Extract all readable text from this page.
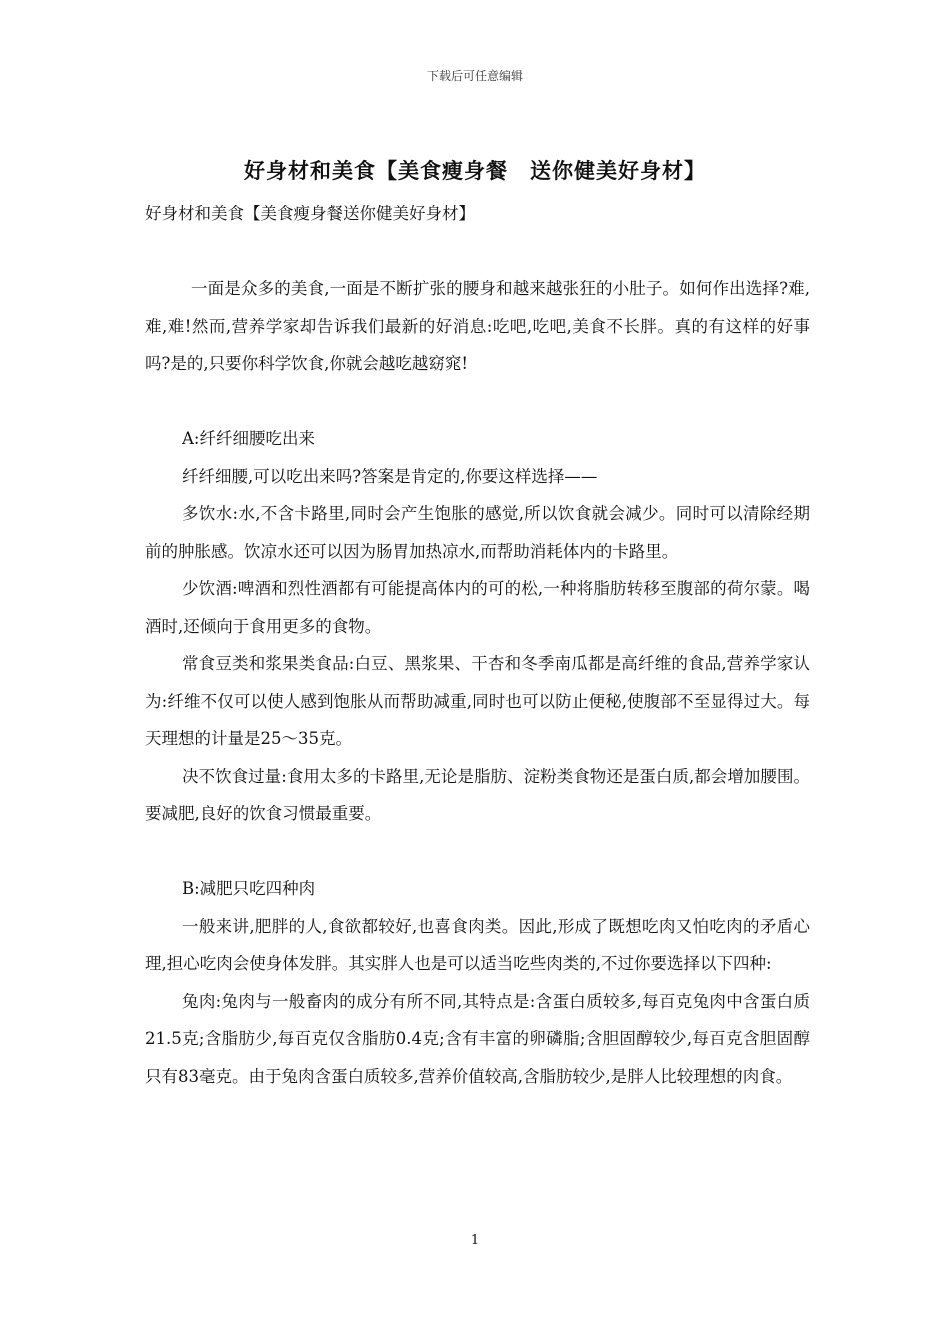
下载后可任意编辑
好身材和美食【美食瘦身餐　送你健美好身材】

好身材和美食【美食瘦身餐送你健美好身材】

一面是众多的美食,一面是不断扩张的腰身和越来越张狂的小肚子。如何作出选择?难,难,难!然而,营养学家却告诉我们最新的好消息:吃吧,吃吧,美食不长胖。真的有这样的好事吗?是的,只要你科学饮食,你就会越吃越窈窕!

A:纤纤细腰吃出来

纤纤细腰,可以吃出来吗?答案是肯定的,你要这样选择——

多饮水:水,不含卡路里,同时会产生饱胀的感觉,所以饮食就会减少。同时可以清除经期前的肿胀感。饮凉水还可以因为肠胃加热凉水,而帮助消耗体内的卡路里。

少饮酒:啤酒和烈性酒都有可能提高体内的可的松,一种将脂肪转移至腹部的荷尔蒙。喝酒时,还倾向于食用更多的食物。

常食豆类和浆果类食品:白豆、黑浆果、干杏和冬季南瓜都是高纤维的食品,营养学家认为:纤维不仅可以使人感到饱胀从而帮助减重,同时也可以防止便秘,使腹部不至显得过大。每天理想的计量是25～35克。

决不饮食过量:食用太多的卡路里,无论是脂肪、淀粉类食物还是蛋白质,都会增加腰围。要减肥,良好的饮食习惯最重要。

B:减肥只吃四种肉

一般来讲,肥胖的人,食欲都较好,也喜食肉类。因此,形成了既想吃肉又怕吃肉的矛盾心理,担心吃肉会使身体发胖。其实胖人也是可以适当吃些肉类的,不过你要选择以下四种:

兔肉:兔肉与一般畜肉的成分有所不同,其特点是:含蛋白质较多,每百克兔肉中含蛋白质21.5克;含脂肪少,每百克仅含脂肪0.4克;含有丰富的卵磷脂;含胆固醇较少,每百克含胆固醇只有83毫克。由于兔肉含蛋白质较多,营养价值较高,含脂肪较少,是胖人比较理想的肉食。

1
